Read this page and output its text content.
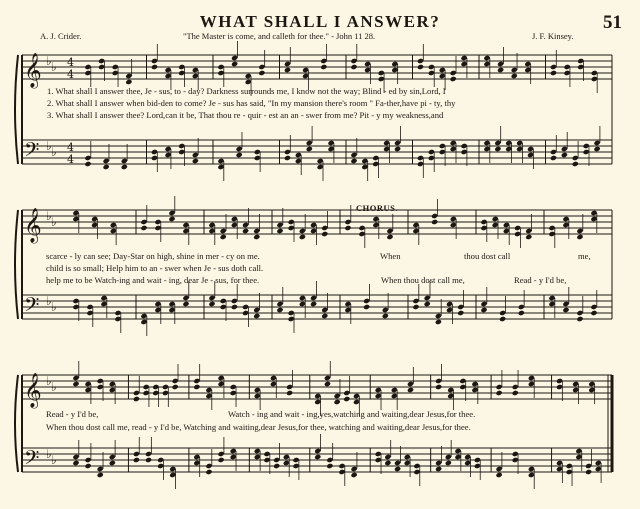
WHAT SHALL I ANSWER?	51
A. J. Crider.	"The Master is come, and calleth for thee." - John 11 28.	J. F. Kinsey.
𝄞 ♭ ♭
𝄢 ♭ ♭
4
4
4
4
𝄞 ♭ ♭
𝄢 ♭ ♭
𝄞 ♭ ♭
𝄢 ♭ ♭
1. What shall I answer thee, Je - sus, to - day? Darkness surrounds me, I know not the way; Blind - ed by sin,Lord, I
2. What shall I answer when bid-den to come? Je - sus has said, "In my mansion there's room " Fa-ther,have pi - ty, thy
3. What shall I answer thee? Lord,can it be, That thou re - quir - est an an - swer from me? Pit - y my weakness,and
CHORUS.
scarce - ly can see; Day-Star on high, shine in mer - cy on me.	When	thou dost call	me,
child is so small; Help him to an - swer when Je - sus doth call.
help me to be Watch-ing and wait - ing, dear Je - sus, for thee.	When thou dost call me,	Read - y I'd be,
Read - y I'd be,	Watch - ing and wait - ing,yes,watching and waiting,dear Jesus,for thee.
When thou dost call me, read - y I'd be, Watching and waiting,dear Jesus,for thee, watching and waiting,dear Jesus,for thee.
